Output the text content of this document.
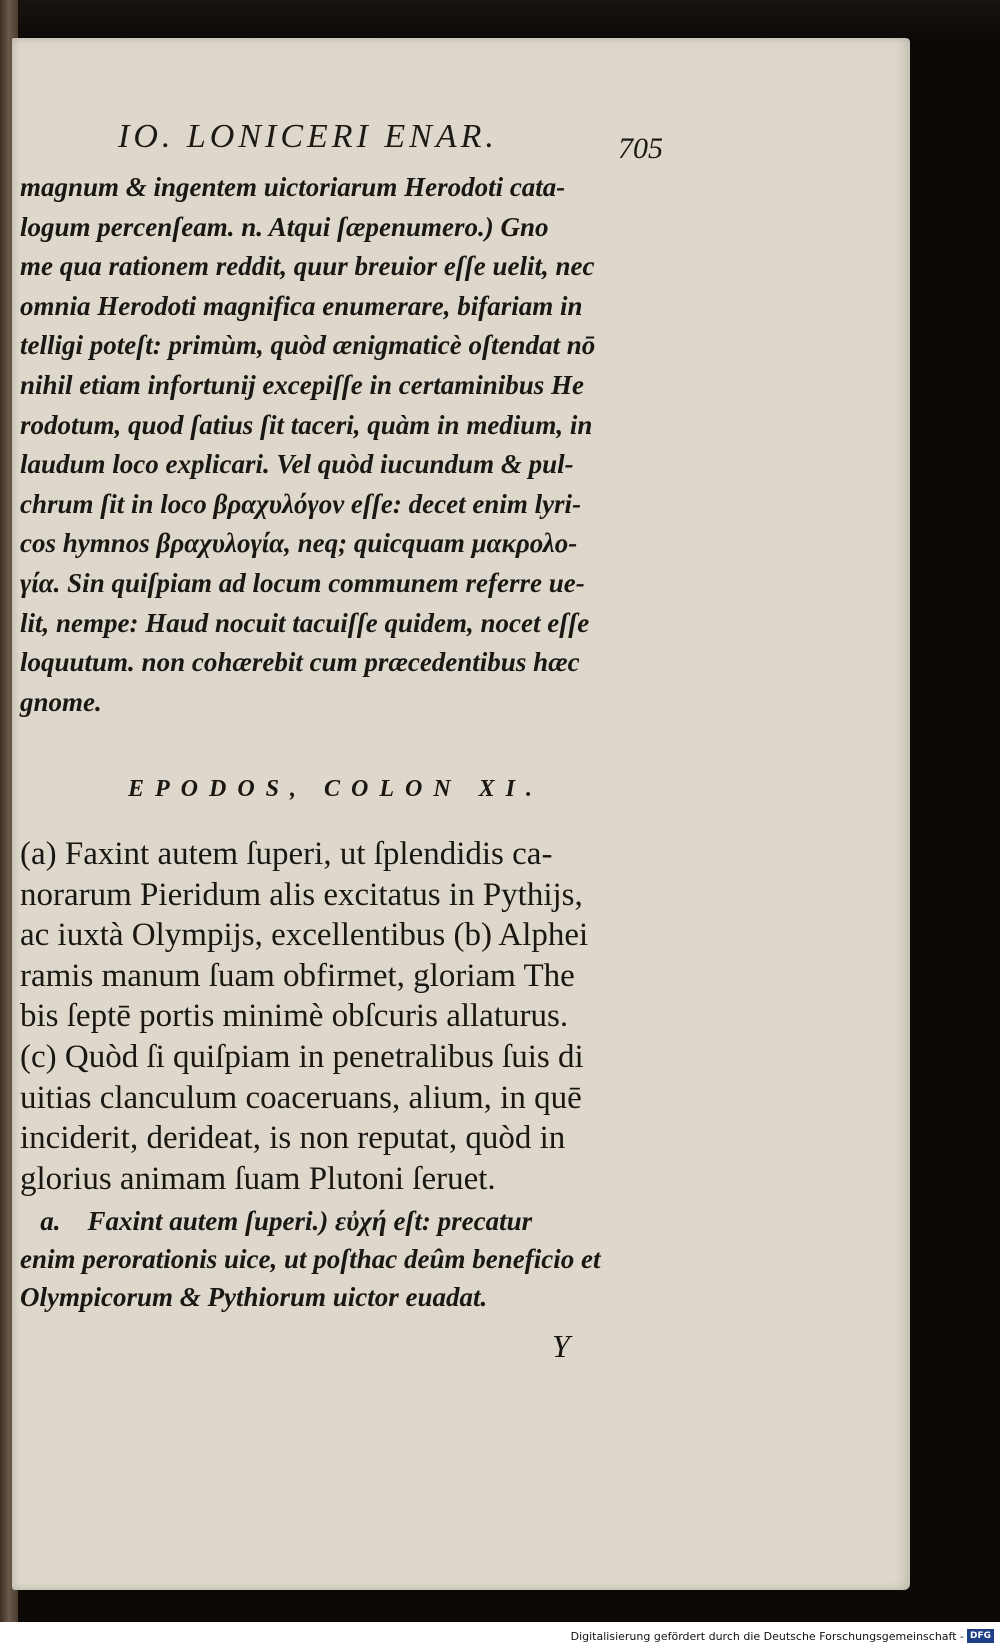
IO. LONICERI ENAR.	705
magnum & ingentem uictoriarum Herodoti cata-
logum percenſeam. n. Atqui ſæpenumero.) Gno
me qua rationem reddit, quur breuior eſſe uelit, nec
omnia Herodoti magnifica enumerare, bifariam in
telligi poteſt: primùm, quòd ænigmaticè oſtendat nō
nihil etiam infortunij excepiſſe in certaminibus He
rodotum, quod ſatius ſit taceri, quàm in medium, in
laudum loco explicari. Vel quòd iucundum & pul-
chrum ſit in loco βραχυλόγον eſſe: decet enim lyri-
cos hymnos βραχυλογία, neq; quicquam μακρολο-
γία. Sin quiſpiam ad locum communem referre ue-
lit, nempe: Haud nocuit tacuiſſe quidem, nocet eſſe
loquutum. non cohærebit cum præcedentibus hæc
gnome.
EPODOS, COLON XI.
(a) Faxint autem ſuperi, ut ſplendidis ca-
norarum Pieridum alis excitatus in Pythijs,
ac iuxtà Olympijs, excellentibus (b) Alphei
ramis manum ſuam obfirmet, gloriam The
bis ſeptē portis minimè obſcuris allaturus.
(c) Quòd ſi quiſpiam in penetralibus ſuis di
uitias clanculum coaceruans, alium, in quē
inciderit, derideat, is non reputat, quòd in
glorius animam ſuam Plutoni ſeruet.
a.    Faxint autem ſuperi.) εὐχή eſt: precatur
enim perorationis uice, ut poſthac deûm beneficio et
Olympicorum & Pythiorum uictor euadat.
Y
Digitalisierung gefördert durch die Deutsche Forschungsgemeinschaft - DFG
